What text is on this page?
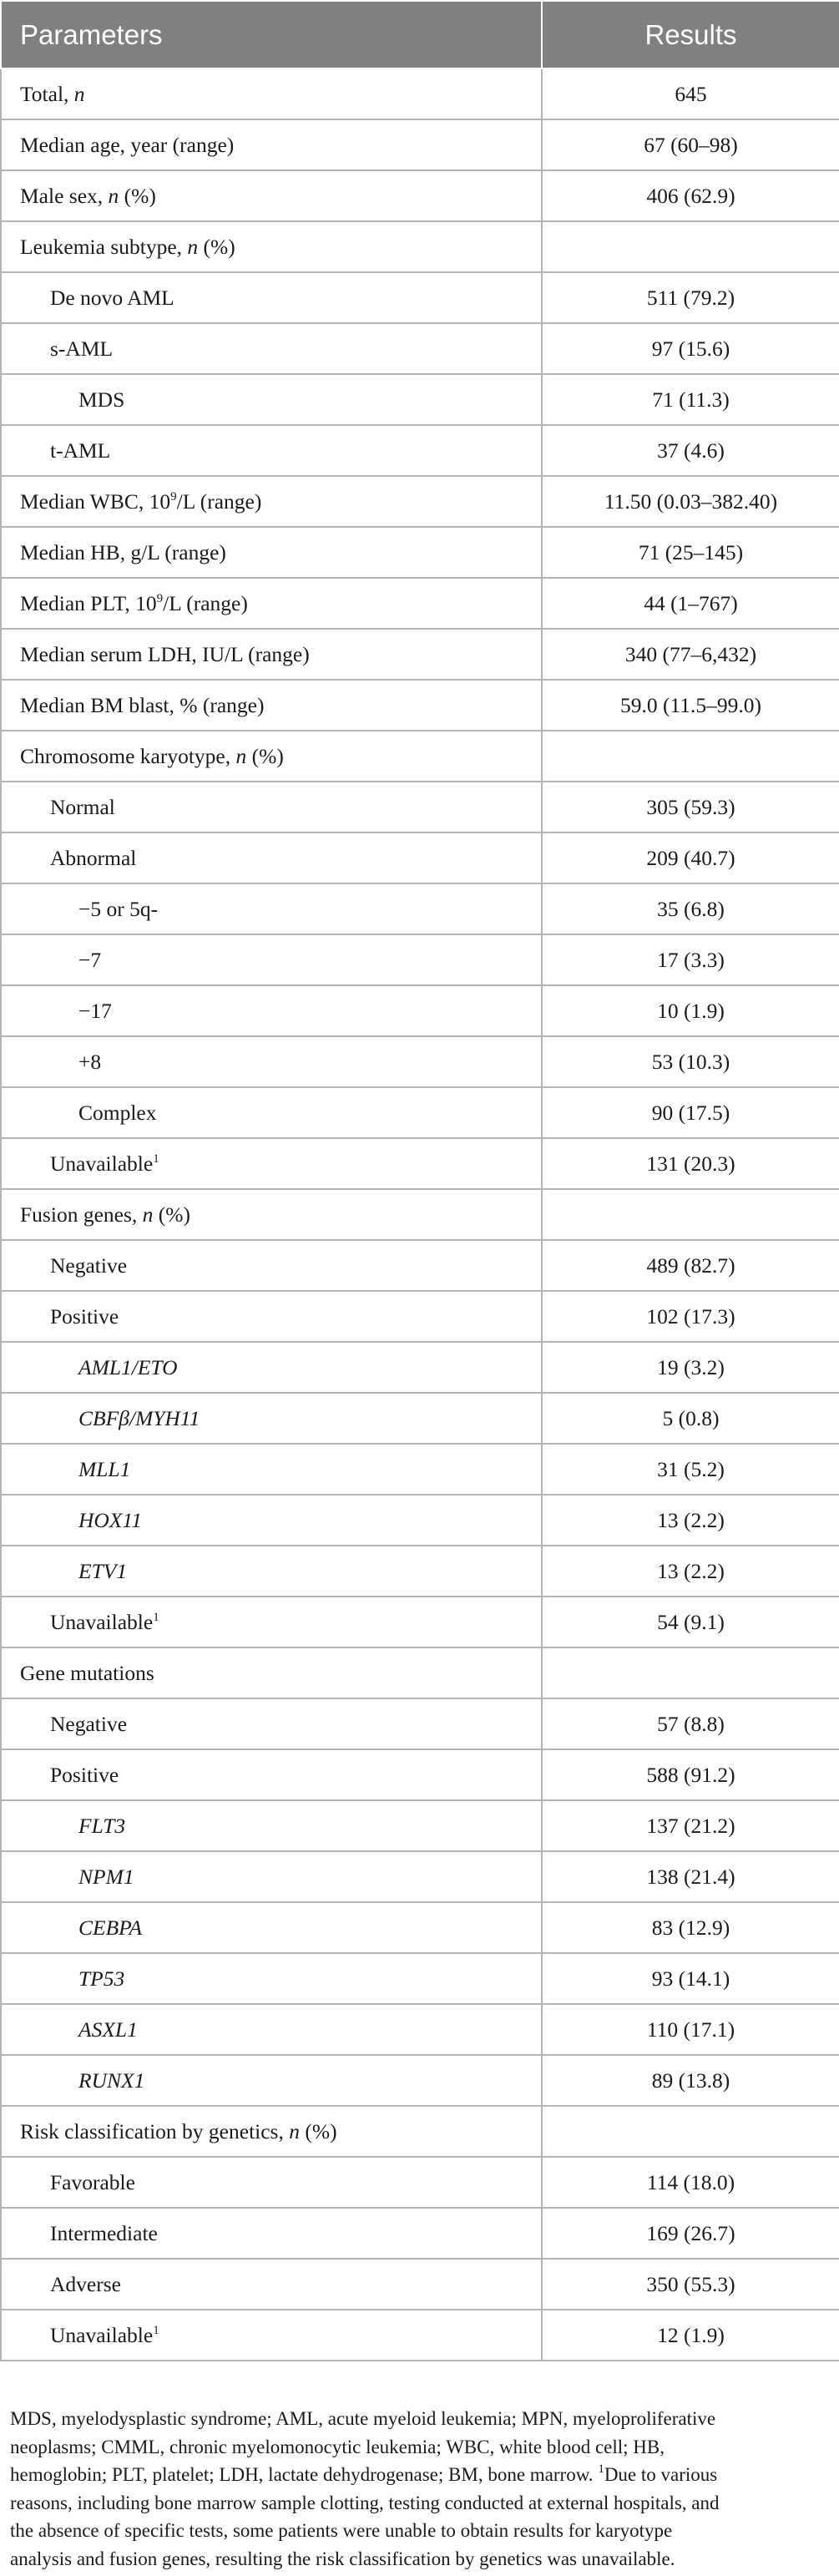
Parameters	Results
Total, n	645
Median age, year (range)	67 (60–98)
Male sex, n (%)	406 (62.9)
Leukemia subtype, n (%)	
De novo AML	511 (79.2)
s-AML	97 (15.6)
MDS	71 (11.3)
t-AML	37 (4.6)
Median WBC, $10^9/L$ (range)	11.50 (0.03–382.40)
Median HB, g/L (range)	71 (25–145)
Median PLT, $10^9/L$ (range)	44 (1–767)
Median serum LDH, IU/L (range)	340 (77–6,432)
Median BM blast, % (range)	59.0 (11.5–99.0)
Chromosome karyotype, n (%)	
Normal	305 (59.3)
Abnormal	209 (40.7)
−5 or 5q-	35 (6.8)
−7	17 (3.3)
−17	10 (1.9)
+8	53 (10.3)
Complex	90 (17.5)
Unavailable$^1$	131 (20.3)
Fusion genes, n (%)	
Negative	489 (82.7)
Positive	102 (17.3)
AML1/ETO	19 (3.2)
CBFβ/MYH11	5 (0.8)
MLL1	31 (5.2)
HOX11	13 (2.2)
ETV1	13 (2.2)
Unavailable$^1$	54 (9.1)
Gene mutations	
Negative	57 (8.8)
Positive	588 (91.2)
FLT3	137 (21.2)
NPM1	138 (21.4)
CEBPA	83 (12.9)
TP53	93 (14.1)
ASXL1	110 (17.1)
RUNX1	89 (13.8)
Risk classification by genetics, n (%)	
Favorable	114 (18.0)
Intermediate	169 (26.7)
Adverse	350 (55.3)
Unavailable$^1$	12 (1.9)
MDS, myelodysplastic syndrome; AML, acute myeloid leukemia; MPN, myeloproliferative
neoplasms; CMML, chronic myelomonocytic leukemia; WBC, white blood cell; HB,
hemoglobin; PLT, platelet; LDH, lactate dehydrogenase; BM, bone marrow. $^1$Due to various
reasons, including bone marrow sample clotting, testing conducted at external hospitals, and
the absence of specific tests, some patients were unable to obtain results for karyotype
analysis and fusion genes, resulting the risk classification by genetics was unavailable.
